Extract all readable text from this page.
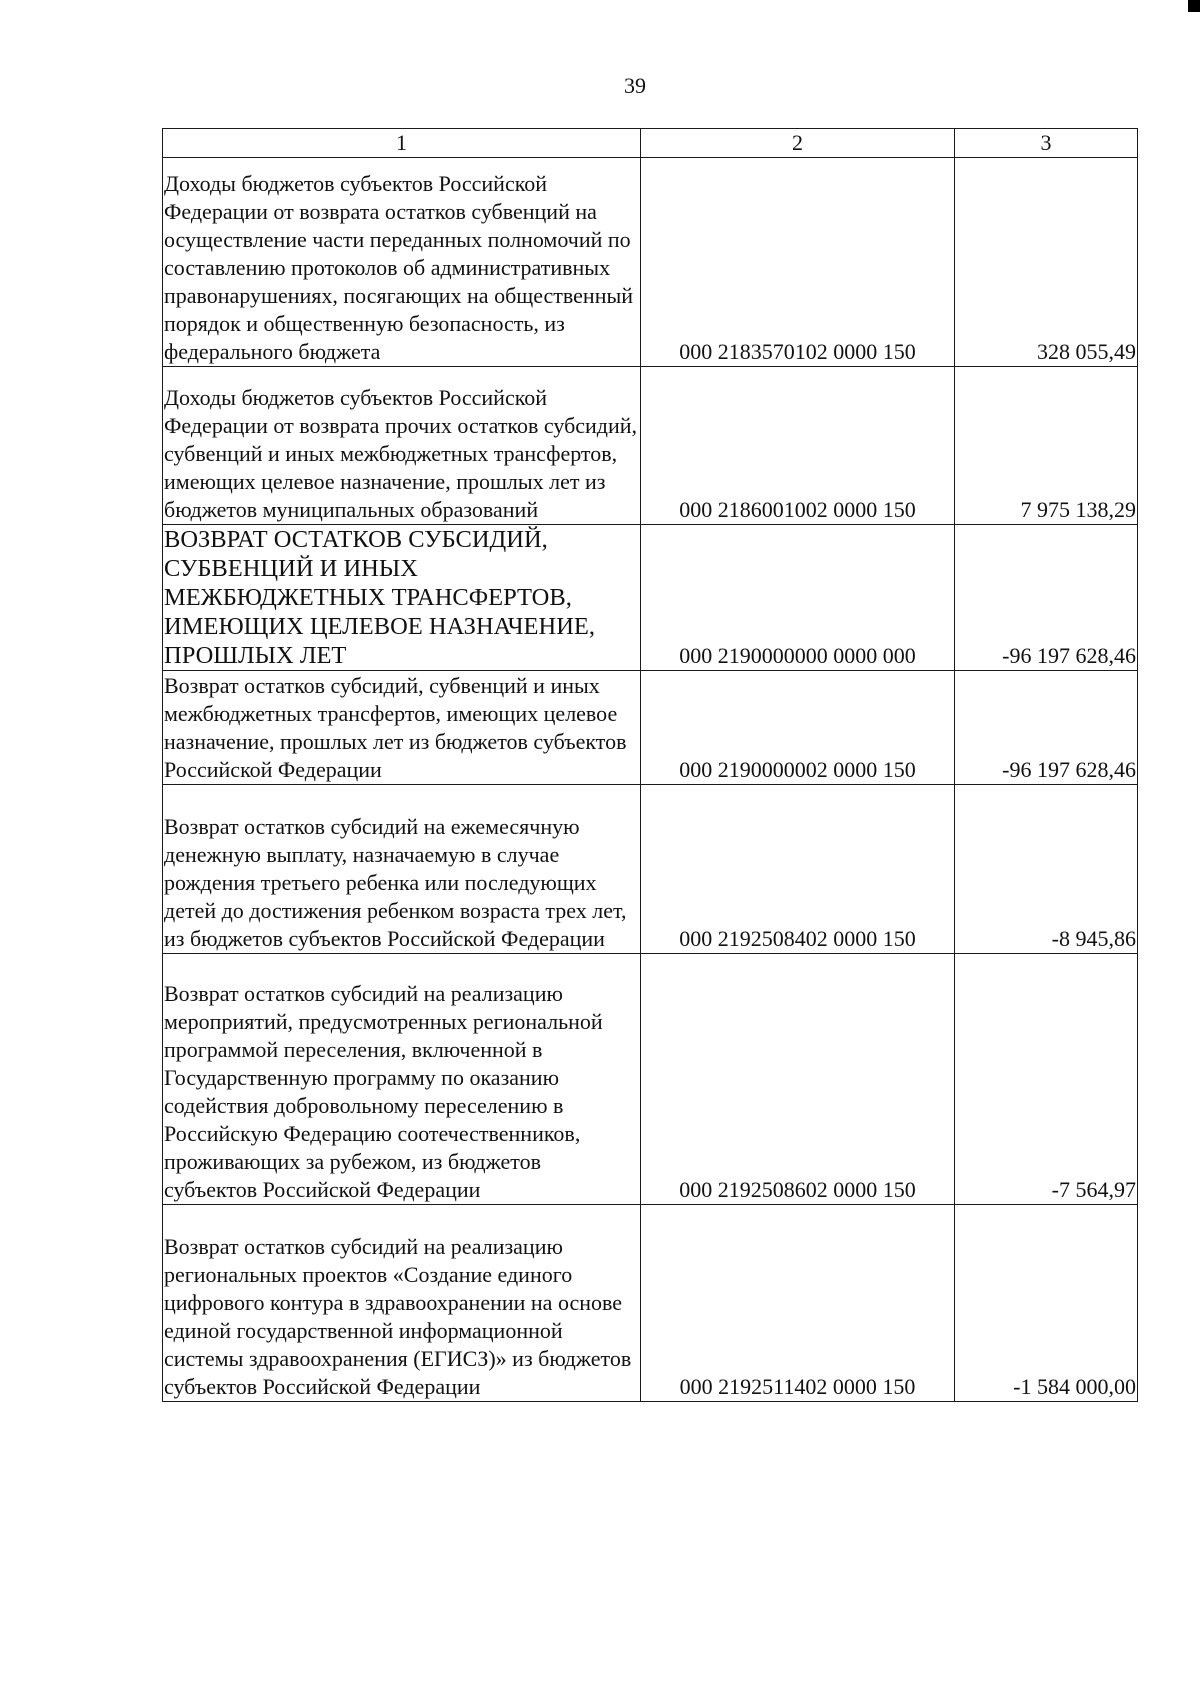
39
1	2	3
Доходы бюджетов субъектов Российской Федерации от возврата остатков субвенций на осуществление части переданных полномочий по составлению протоколов об административных правонарушениях, посягающих на общественный порядок и общественную безопасность, из федерального бюджета	000 2183570102 0000 150	328 055,49
Доходы бюджетов субъектов Российской Федерации от возврата прочих остатков субсидий, субвенций и иных межбюджетных трансфертов, имеющих целевое назначение, прошлых лет из бюджетов муниципальных образований	000 2186001002 0000 150	7 975 138,29
ВОЗВРАТ ОСТАТКОВ СУБСИДИЙ, СУБВЕНЦИЙ И ИНЫХ МЕЖБЮДЖЕТНЫХ ТРАНСФЕРТОВ, ИМЕЮЩИХ ЦЕЛЕВОЕ НАЗНАЧЕНИЕ, ПРОШЛЫХ ЛЕТ	000 2190000000 0000 000	-96 197 628,46
Возврат остатков субсидий, субвенций и иных межбюджетных трансфертов, имеющих целевое назначение, прошлых лет из бюджетов субъектов Российской Федерации	000 2190000002 0000 150	-96 197 628,46
Возврат остатков субсидий на ежемесячную денежную выплату, назначаемую в случае рождения третьего ребенка или последующих детей до достижения ребенком возраста трех лет, из бюджетов субъектов Российской Федерации	000 2192508402 0000 150	-8 945,86
Возврат остатков субсидий на реализацию мероприятий, предусмотренных региональной программой переселения, включенной в Государственную программу по оказанию содействия добровольному переселению в Российскую Федерацию соотечественников, проживающих за рубежом, из бюджетов субъектов Российской Федерации	000 2192508602 0000 150	-7 564,97
Возврат остатков субсидий на реализацию региональных проектов «Создание единого цифрового контура в здравоохранении на основе единой государственной информационной системы здравоохранения (ЕГИСЗ)» из бюджетов субъектов Российской Федерации	000 2192511402 0000 150	-1 584 000,00
